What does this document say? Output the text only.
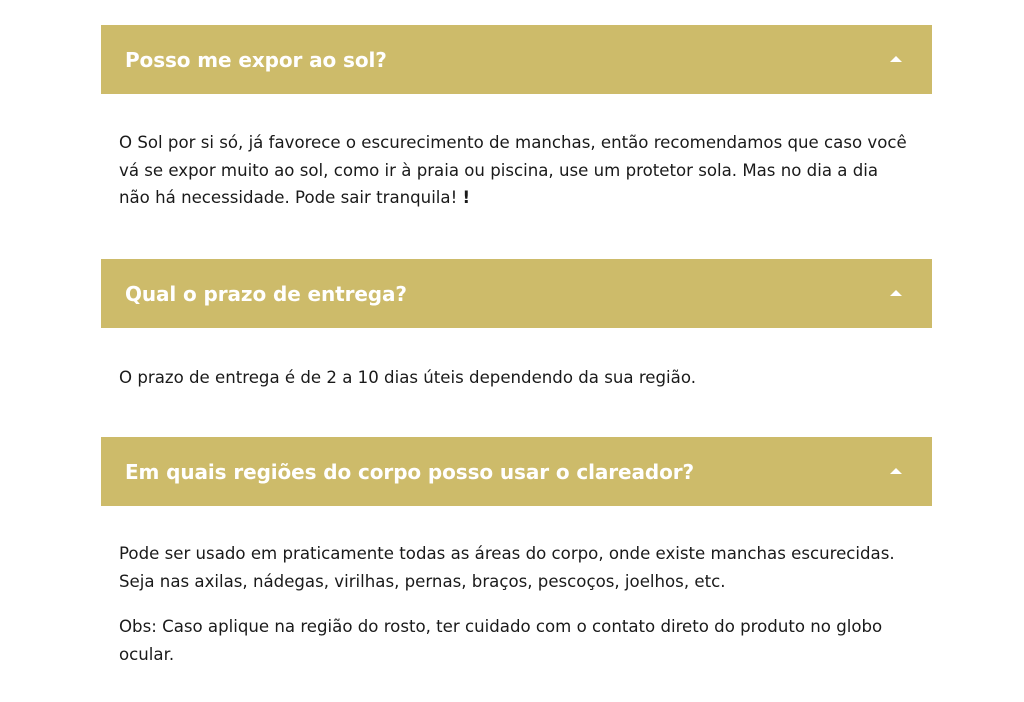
Posso me expor ao sol?

O Sol por si só, já favorece o escurecimento de manchas, então recomendamos que caso você vá se expor muito ao sol, como ir à praia ou piscina, use um protetor sola. Mas no dia a dia não há necessidade. Pode sair tranquila! !

Qual o prazo de entrega?

O prazo de entrega é de 2 a 10 dias úteis dependendo da sua região.

Em quais regiões do corpo posso usar o clareador?

Pode ser usado em praticamente todas as áreas do corpo, onde existe manchas escurecidas. Seja nas axilas, nádegas, virilhas, pernas, braços, pescoços, joelhos, etc.

Obs: Caso aplique na região do rosto, ter cuidado com o contato direto do produto no globo ocular.
